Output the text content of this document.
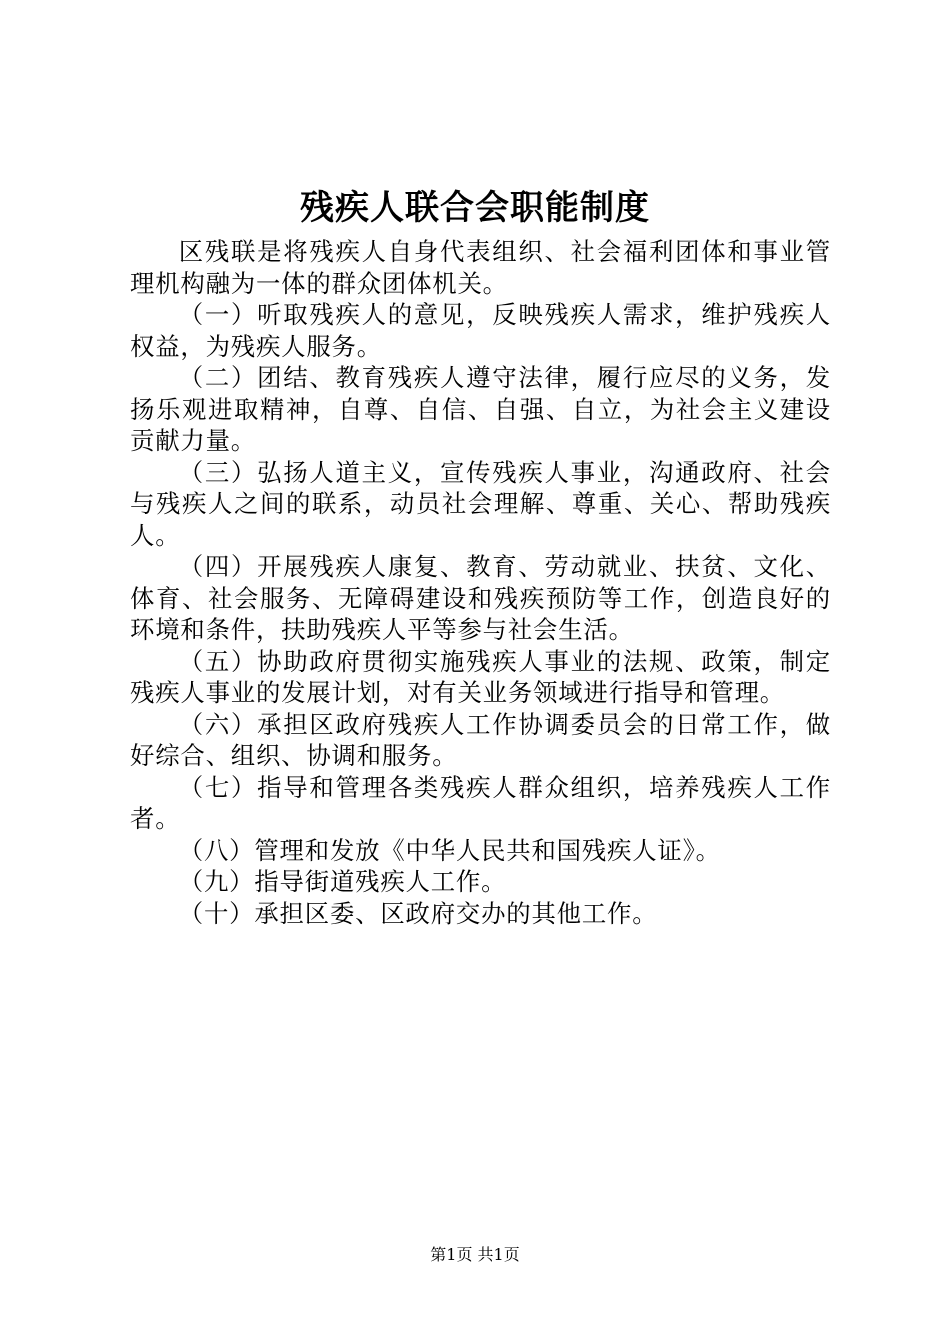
残疾人联合会职能制度

区残联是将残疾人自身代表组织、社会福利团体和事业管理机构融为一体的群众团体机关。

（一）听取残疾人的意见，反映残疾人需求，维护残疾人权益，为残疾人服务。

（二）团结、教育残疾人遵守法律，履行应尽的义务，发扬乐观进取精神，自尊、自信、自强、自立，为社会主义建设贡献力量。

（三）弘扬人道主义，宣传残疾人事业，沟通政府、社会与残疾人之间的联系，动员社会理解、尊重、关心、帮助残疾人。

（四）开展残疾人康复、教育、劳动就业、扶贫、文化、体育、社会服务、无障碍建设和残疾预防等工作，创造良好的环境和条件，扶助残疾人平等参与社会生活。

（五）协助政府贯彻实施残疾人事业的法规、政策，制定残疾人事业的发展计划，对有关业务领域进行指导和管理。

（六）承担区政府残疾人工作协调委员会的日常工作，做好综合、组织、协调和服务。

（七）指导和管理各类残疾人群众组织，培养残疾人工作者。

（八）管理和发放《中华人民共和国残疾人证》。

（九）指导街道残疾人工作。

（十）承担区委、区政府交办的其他工作。

第1页 共1页
